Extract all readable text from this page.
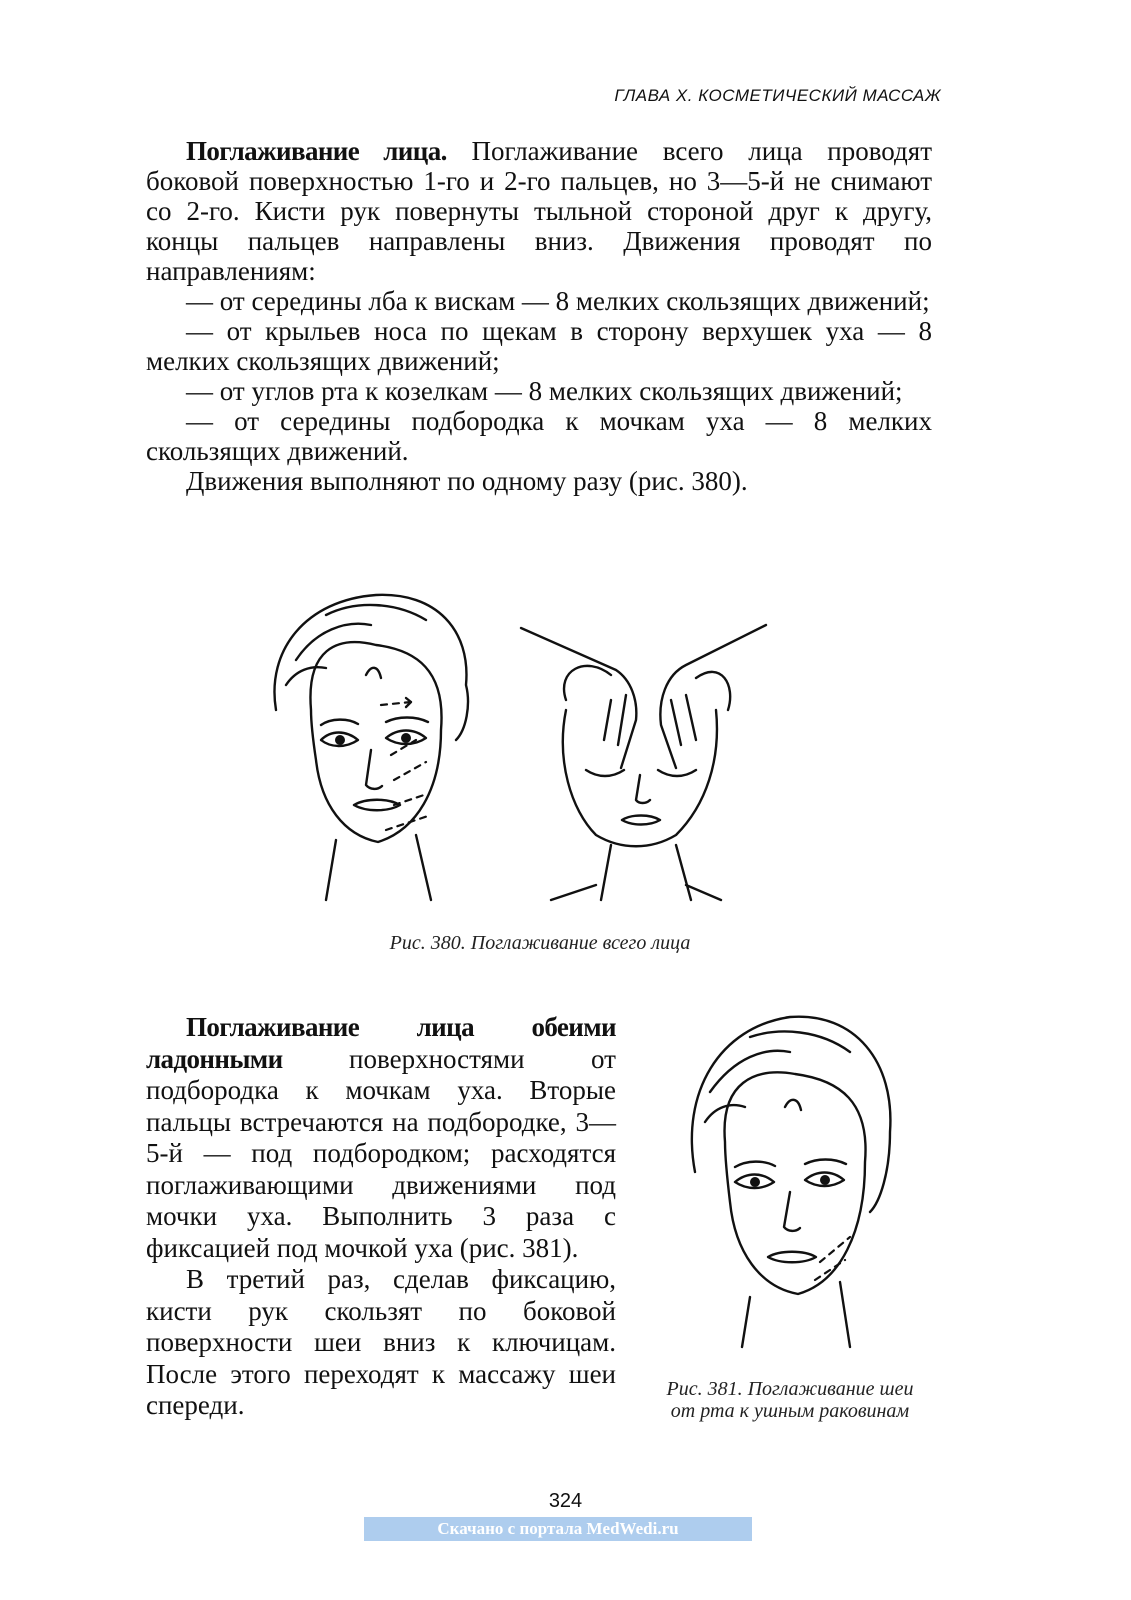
ГЛАВА X. КОСМЕТИЧЕСКИЙ МАССАЖ

Поглаживание лица. Поглаживание всего лица проводят боковой поверхностью 1-го и 2-го пальцев, но 3—5-й не снимают со 2-го. Кисти рук повернуты тыльной стороной друг к другу, концы пальцев направлены вниз. Движения проводят по направлениям:

— от середины лба к вискам — 8 мелких скользящих движений;

— от крыльев носа по щекам в сторону верхушек уха — 8 мелких скользящих движений;

— от углов рта к козелкам — 8 мелких скользящих движений;

— от середины подбородка к мочкам уха — 8 мелких скользящих движений.

Движения выполняют по одному разу (рис. 380).

Рис. 380. Поглаживание всего лица

Поглаживание лица обеими ладонными поверхностями от подбородка к мочкам уха. Вторые пальцы встречаются на подбородке, 3—5-й — под подбородком; расходятся поглаживающими движениями под мочки уха. Выполнить 3 раза с фиксацией под мочкой уха (рис. 381).

В третий раз, сделав фиксацию, кисти рук скользят по боковой поверхности шеи вниз к ключицам. После этого переходят к массажу шеи спереди.

Рис. 381. Поглаживание шеи от рта к ушным раковинам
324
Скачано с портала MedWedi.ru
